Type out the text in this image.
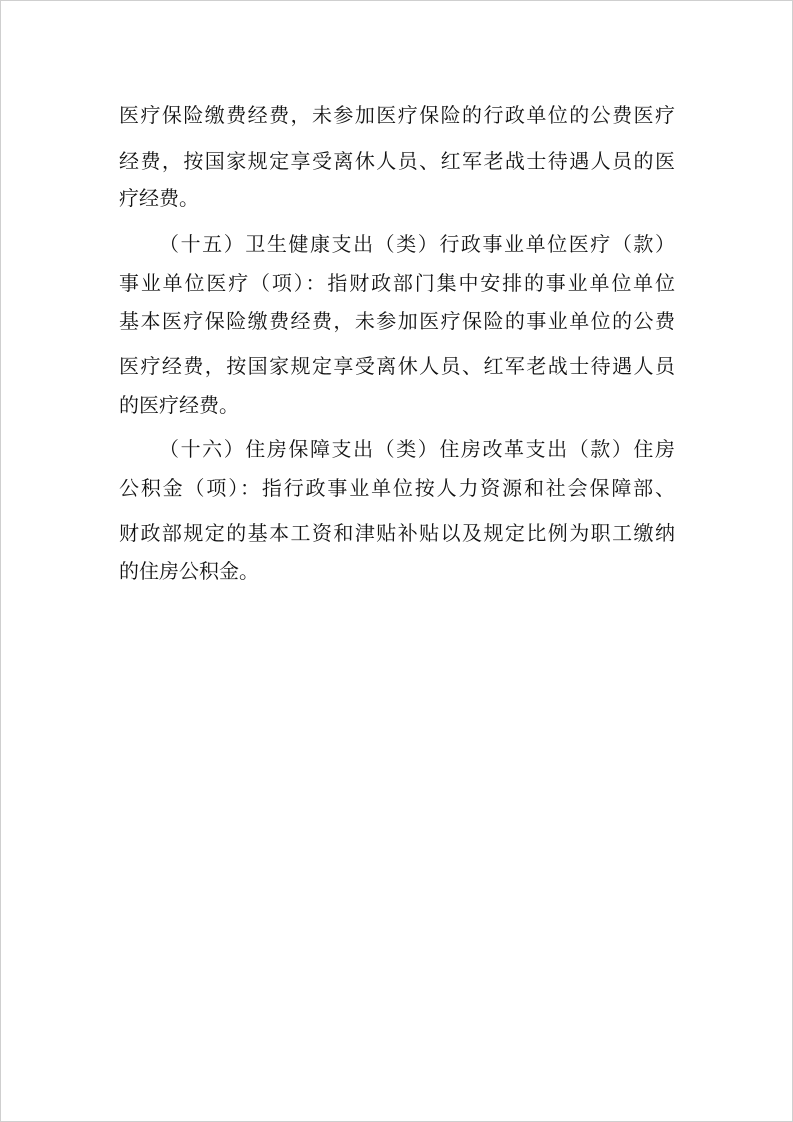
医疗保险缴费经费，未参加医疗保险的行政单位的公费医疗
经费，按国家规定享受离休人员、红军老战士待遇人员的医
疗经费。
（十五）卫生健康支出（类）行政事业单位医疗（款）
事业单位医疗（项）：指财政部门集中安排的事业单位单位
基本医疗保险缴费经费，未参加医疗保险的事业单位的公费
医疗经费，按国家规定享受离休人员、红军老战士待遇人员
的医疗经费。
（十六）住房保障支出（类）住房改革支出（款）住房
公积金（项）：指行政事业单位按人力资源和社会保障部、
财政部规定的基本工资和津贴补贴以及规定比例为职工缴纳
的住房公积金。
